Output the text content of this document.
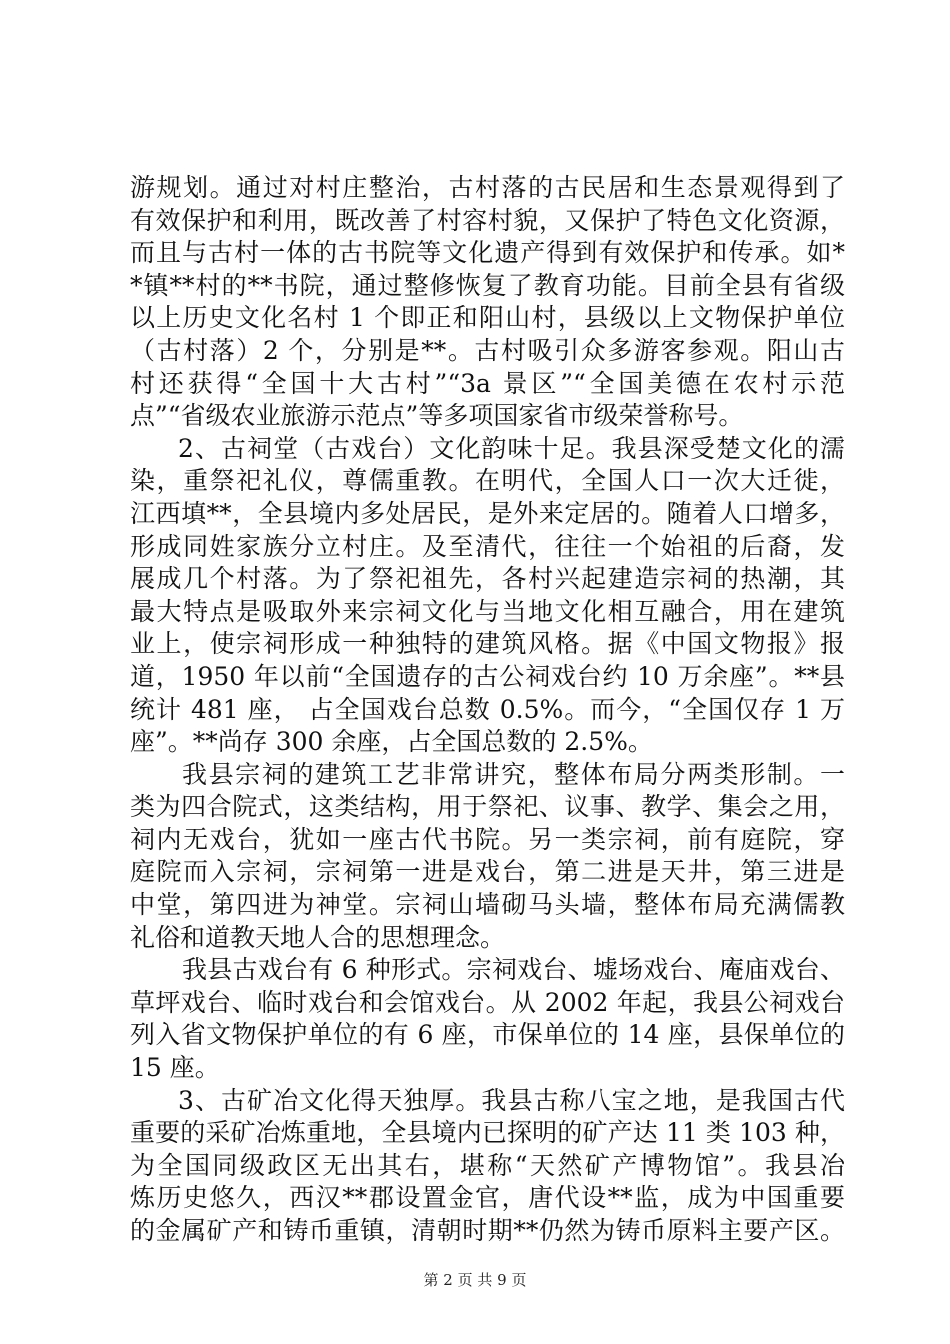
游规划。通过对村庄整治，古村落的古民居和生态景观得到了
有效保护和利用，既改善了村容村貌，又保护了特色文化资源，
而且与古村一体的古书院等文化遗产得到有效保护和传承。如*
*镇**村的**书院，通过整修恢复了教育功能。目前全县有省级
以上历史文化名村 1 个即正和阳山村，县级以上文物保护单位
（古村落）2 个，分别是**。古村吸引众多游客参观。阳山古
村还获得“全国十大古村”“3a 景区”“全国美德在农村示范
点”“省级农业旅游示范点”等多项国家省市级荣誉称号。
2、古祠堂（古戏台）文化韵味十足。我县深受楚文化的濡
染，重祭祀礼仪，尊儒重教。在明代，全国人口一次大迁徙，
江西填**，全县境内多处居民，是外来定居的。随着人口增多，
形成同姓家族分立村庄。及至清代，往往一个始祖的后裔，发
展成几个村落。为了祭祀祖先，各村兴起建造宗祠的热潮，其
最大特点是吸取外来宗祠文化与当地文化相互融合，用在建筑
业上，使宗祠形成一种独特的建筑风格。据《中国文物报》报
道，1950 年以前“全国遗存的古公祠戏台约 10 万余座”。**县
统计 481 座， 占全国戏台总数 0.5%。而今，“全国仅存 1 万
座”。**尚存 300 余座，占全国总数的 2.5%。
我县宗祠的建筑工艺非常讲究，整体布局分两类形制。一
类为四合院式，这类结构，用于祭祀、议事、教学、集会之用，
祠内无戏台，犹如一座古代书院。另一类宗祠，前有庭院，穿
庭院而入宗祠，宗祠第一进是戏台，第二进是天井，第三进是
中堂，第四进为神堂。宗祠山墙砌马头墙，整体布局充满儒教
礼俗和道教天地人合的思想理念。
我县古戏台有 6 种形式。宗祠戏台、墟场戏台、庵庙戏台、
草坪戏台、临时戏台和会馆戏台。从 2002 年起，我县公祠戏台
列入省文物保护单位的有 6 座，市保单位的 14 座，县保单位的
15 座。
3、古矿冶文化得天独厚。我县古称八宝之地，是我国古代
重要的采矿冶炼重地，全县境内已探明的矿产达 11 类 103 种，
为全国同级政区无出其右，堪称“天然矿产博物馆”。我县冶
炼历史悠久，西汉**郡设置金官，唐代设**监，成为中国重要
的金属矿产和铸币重镇，清朝时期**仍然为铸币原料主要产区。
第 2 页 共 9 页
